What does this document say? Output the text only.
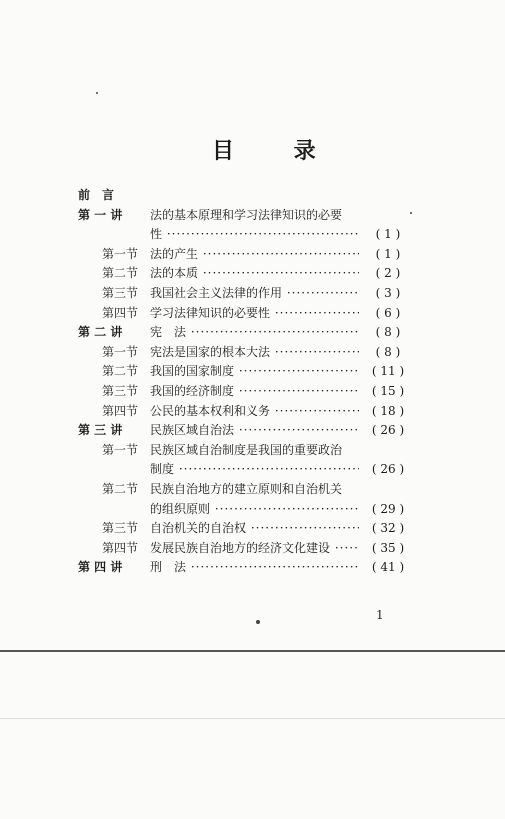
目 录
前　言
第 一 讲 法的基本原理和学习法律知识的必要
性 ·····	( 1 )
第一节 法的产生 ·····	( 1 )
第二节 法的本质 ·····	( 2 )
第三节 我国社会主义法律的作用 ·····	( 3 )
第四节 学习法律知识的必要性 ·····	( 6 )
第 二 讲 宪　法 ·····	( 8 )
第一节 宪法是国家的根本大法 ·····	( 8 )
第二节 我国的国家制度 ·····	( 11 )
第三节 我国的经济制度 ·····	( 15 )
第四节 公民的基本权利和义务 ·····	( 18 )
第 三 讲 民族区域自治法 ·····	( 26 )
第一节 民族区域自治制度是我国的重要政治
制度 ·····	( 26 )
第二节 民族自治地方的建立原则和自治机关
的组织原则 ·····	( 29 )
第三节 自治机关的自治权 ·····	( 32 )
第四节 发展民族自治地方的经济文化建设 ·····	( 35 )
第 四 讲 刑　法 ·····	( 41 )
1
